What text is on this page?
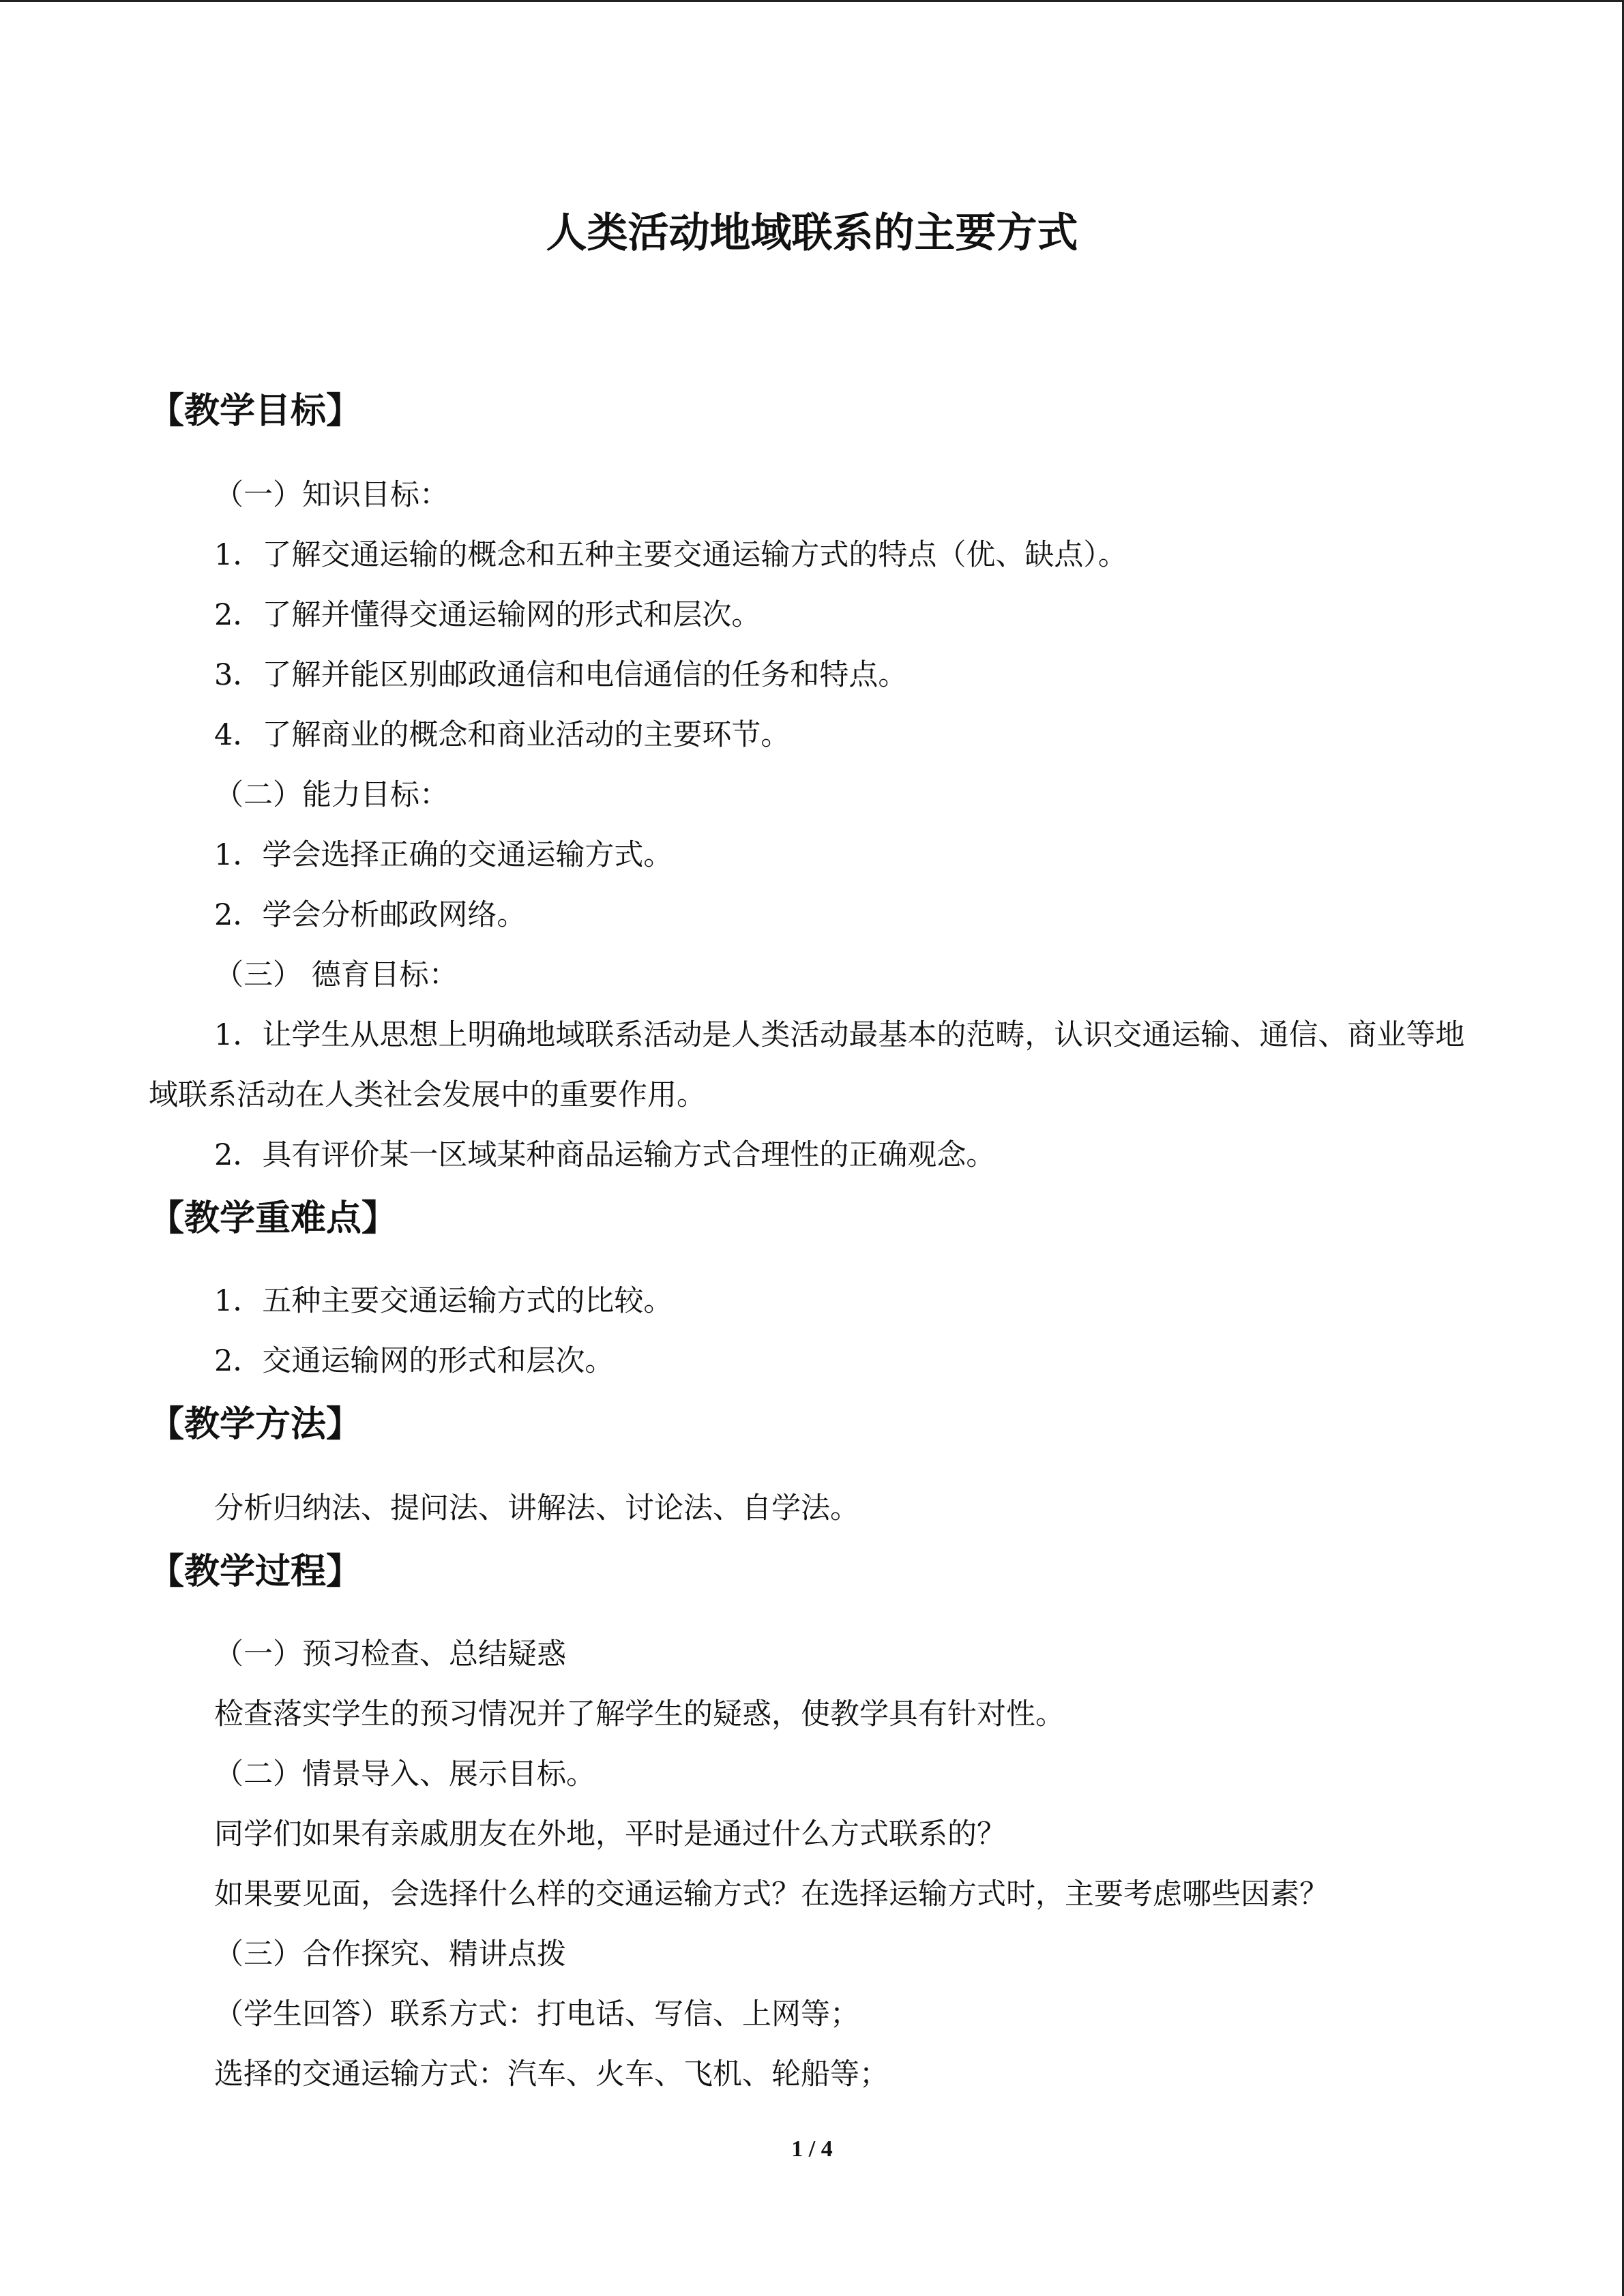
人类活动地域联系的主要方式
【教学目标】
（一）知识目标：
1．了解交通运输的概念和五种主要交通运输方式的特点（优、缺点）。
2．了解并懂得交通运输网的形式和层次。
3．了解并能区别邮政通信和电信通信的任务和特点。
4．了解商业的概念和商业活动的主要环节。
（二）能力目标：
1．学会选择正确的交通运输方式。
2．学会分析邮政网络。
（三） 德育目标：
1．让学生从思想上明确地域联系活动是人类活动最基本的范畴，认识交通运输、通信、商业等地域联系活动在人类社会发展中的重要作用。
2．具有评价某一区域某种商品运输方式合理性的正确观念。
【教学重难点】
1．五种主要交通运输方式的比较。
2．交通运输网的形式和层次。
【教学方法】
分析归纳法、提问法、讲解法、讨论法、自学法。
【教学过程】
（一）预习检查、总结疑惑
检查落实学生的预习情况并了解学生的疑惑，使教学具有针对性。
（二）情景导入、展示目标。
同学们如果有亲戚朋友在外地，平时是通过什么方式联系的？
如果要见面，会选择什么样的交通运输方式？在选择运输方式时，主要考虑哪些因素？
（三）合作探究、精讲点拨
（学生回答）联系方式：打电话、写信、上网等；
选择的交通运输方式：汽车、火车、飞机、轮船等；
1 / 4
